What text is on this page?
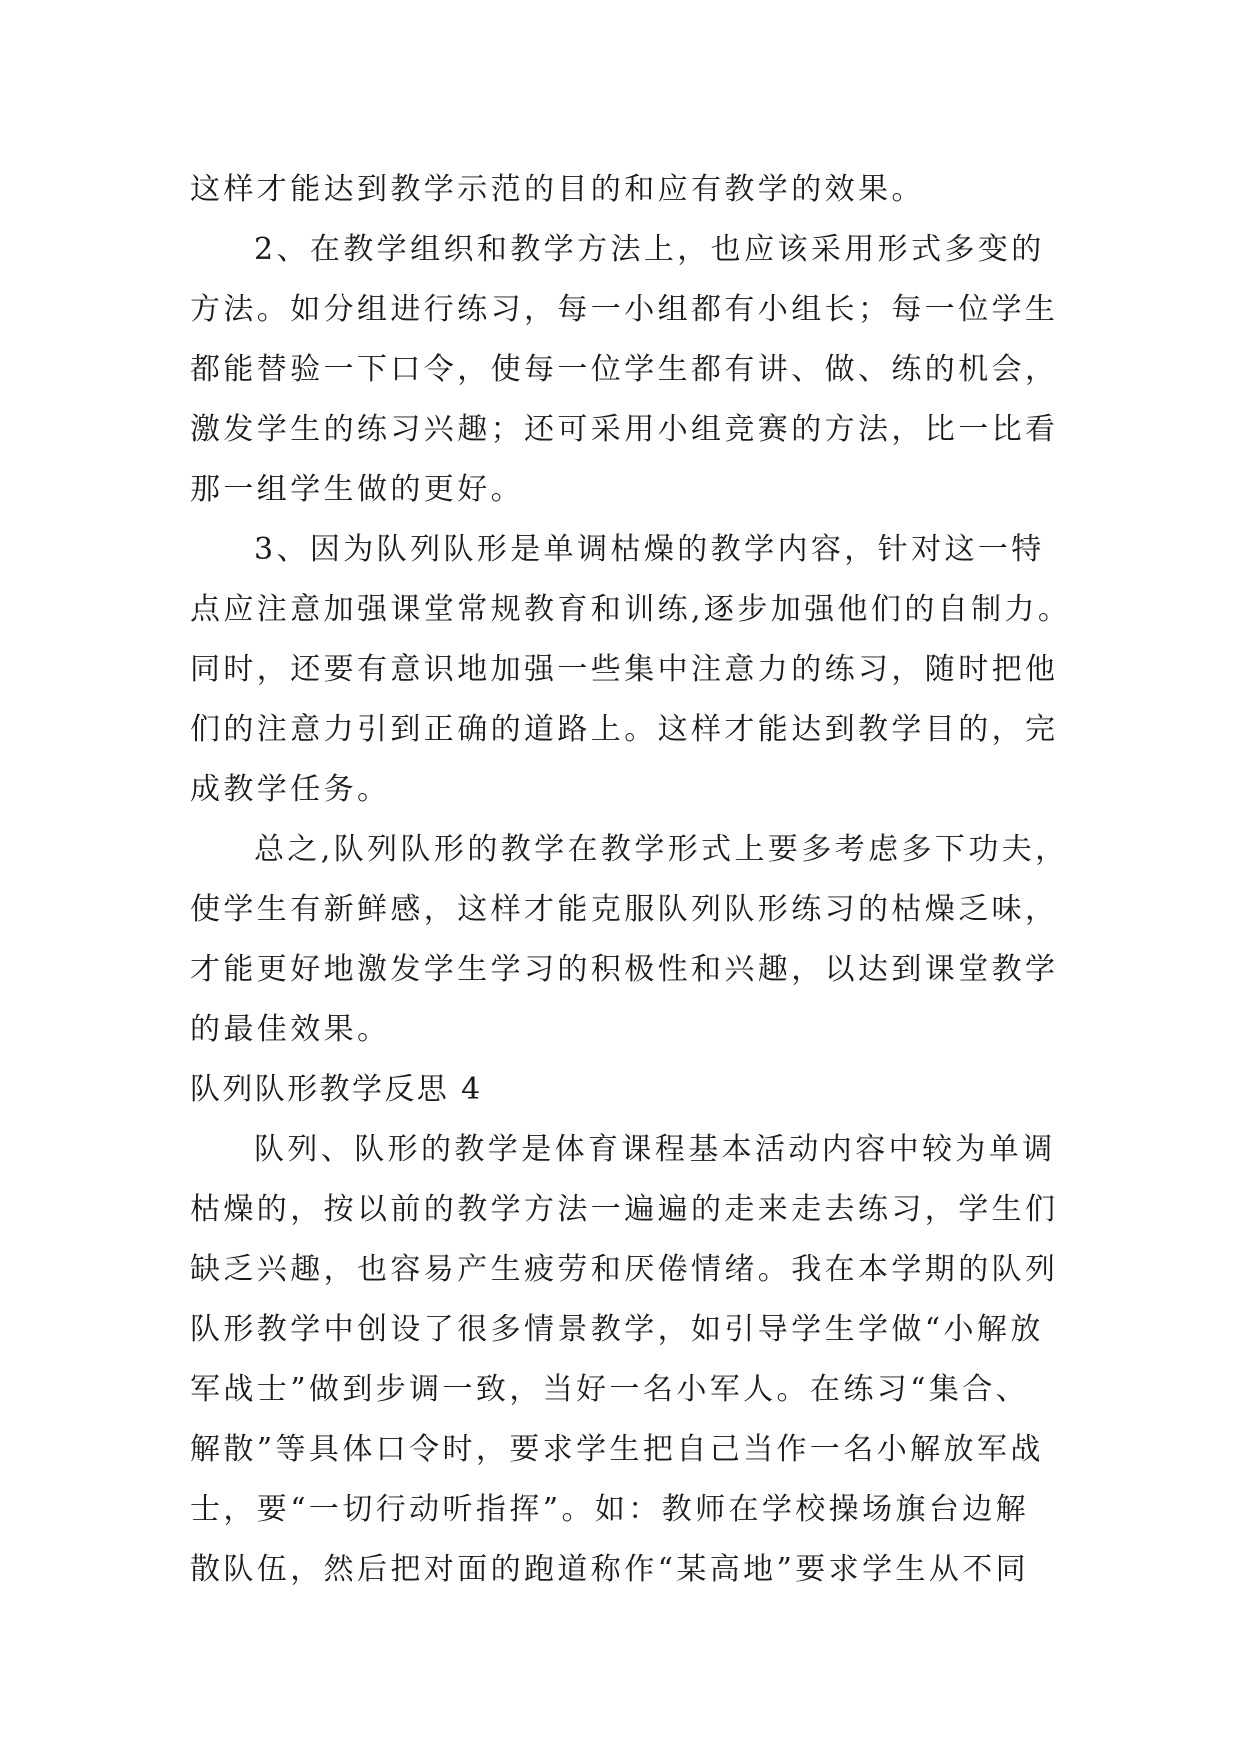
这样才能达到教学示范的目的和应有教学的效果。
2、在教学组织和教学方法上，也应该采用形式多变的
方法。如分组进行练习，每一小组都有小组长；每一位学生
都能替验一下口令，使每一位学生都有讲、做、练的机会，
激发学生的练习兴趣；还可采用小组竞赛的方法，比一比看
那一组学生做的更好。
3、因为队列队形是单调枯燥的教学内容，针对这一特
点应注意加强课堂常规教育和训练,逐步加强他们的自制力。
同时，还要有意识地加强一些集中注意力的练习，随时把他
们的注意力引到正确的道路上。这样才能达到教学目的，完
成教学任务。
总之,队列队形的教学在教学形式上要多考虑多下功夫，
使学生有新鲜感，这样才能克服队列队形练习的枯燥乏味，
才能更好地激发学生学习的积极性和兴趣，以达到课堂教学
的最佳效果。
队列队形教学反思 4
队列、队形的教学是体育课程基本活动内容中较为单调
枯燥的，按以前的教学方法一遍遍的走来走去练习，学生们
缺乏兴趣，也容易产生疲劳和厌倦情绪。我在本学期的队列
队形教学中创设了很多情景教学，如引导学生学做“小解放
军战士”做到步调一致，当好一名小军人。在练习“集合、
解散”等具体口令时，要求学生把自己当作一名小解放军战
士，要“一切行动听指挥”。如：教师在学校操场旗台边解
散队伍，然后把对面的跑道称作“某高地”要求学生从不同
